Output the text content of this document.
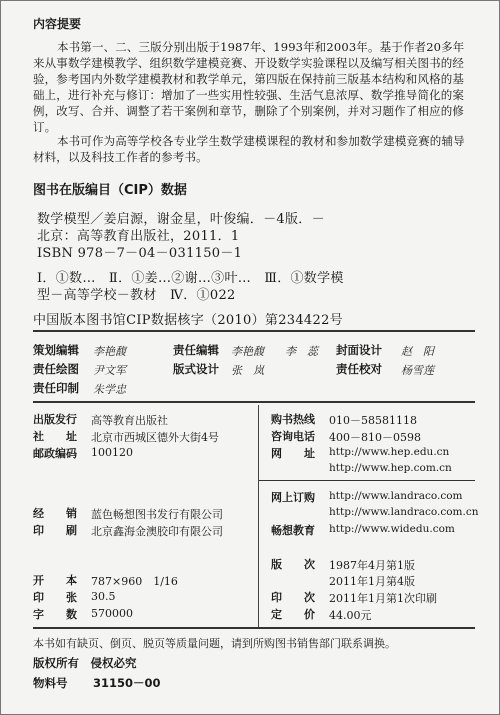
内容提要
本书第一、二、三版分别出版于1987年、1993年和2003年。基于作者20多年来从事数学建模教学、组织数学建模竞赛、开设数学实验课程以及编写相关图书的经验，参考国内外数学建模教材和教学单元，第四版在保持前三版基本结构和风格的基础上，进行补充与修订：增加了一些实用性较强、生活气息浓厚、数学推导简化的案例，改写、合并、调整了若干案例和章节，删除了个别案例，并对习题作了相应的修订。
本书可作为高等学校各专业学生数学建模课程的教材和参加数学建模竞赛的辅导材料，以及科技工作者的参考书。
图书在版编目（CIP）数据
数学模型／姜启源，谢金星，叶俊编．－4版．－
北京：高等教育出版社，2011．1
ISBN 978－7－04－031150－1
Ⅰ．①数…　Ⅱ．①姜…②谢…③叶…　Ⅲ．①数学模
型－高等学校－教材　Ⅳ．①022
中国版本图书馆CIP数据核字（2010）第234422号
策划编辑 李艳馥	责任编辑 李艳馥 李　蕊 封面设计 赵　阳
责任绘图 尹文军	版式设计 张　岚	责任校对 杨雪莲
责任印制 朱学忠
出版发行 高等教育出版社
社　　址 北京市西城区德外大街4号
邮政编码 100120
经　　销 蓝色畅想图书发行有限公司
印　　刷 北京鑫海金澳胶印有限公司
开　　本 787×960　1/16
印　　张 30.5
字　　数 570000
购书热线 010－58581118
咨询电话 400－810－0598
网　　址 http://www.hep.edu.cn
http://www.hep.com.cn
网上订购 http://www.landraco.com
http://www.landraco.com.cn
畅想教育 http://www.widedu.com
版　　次 1987年4月第1版
2011年1月第4版
印　　次 2011年1月第1次印刷
定　　价 44.00元
本书如有缺页、倒页、脱页等质量问题，请到所购图书销售部门联系调换。
版权所有　侵权必究
物料号 31150－00
